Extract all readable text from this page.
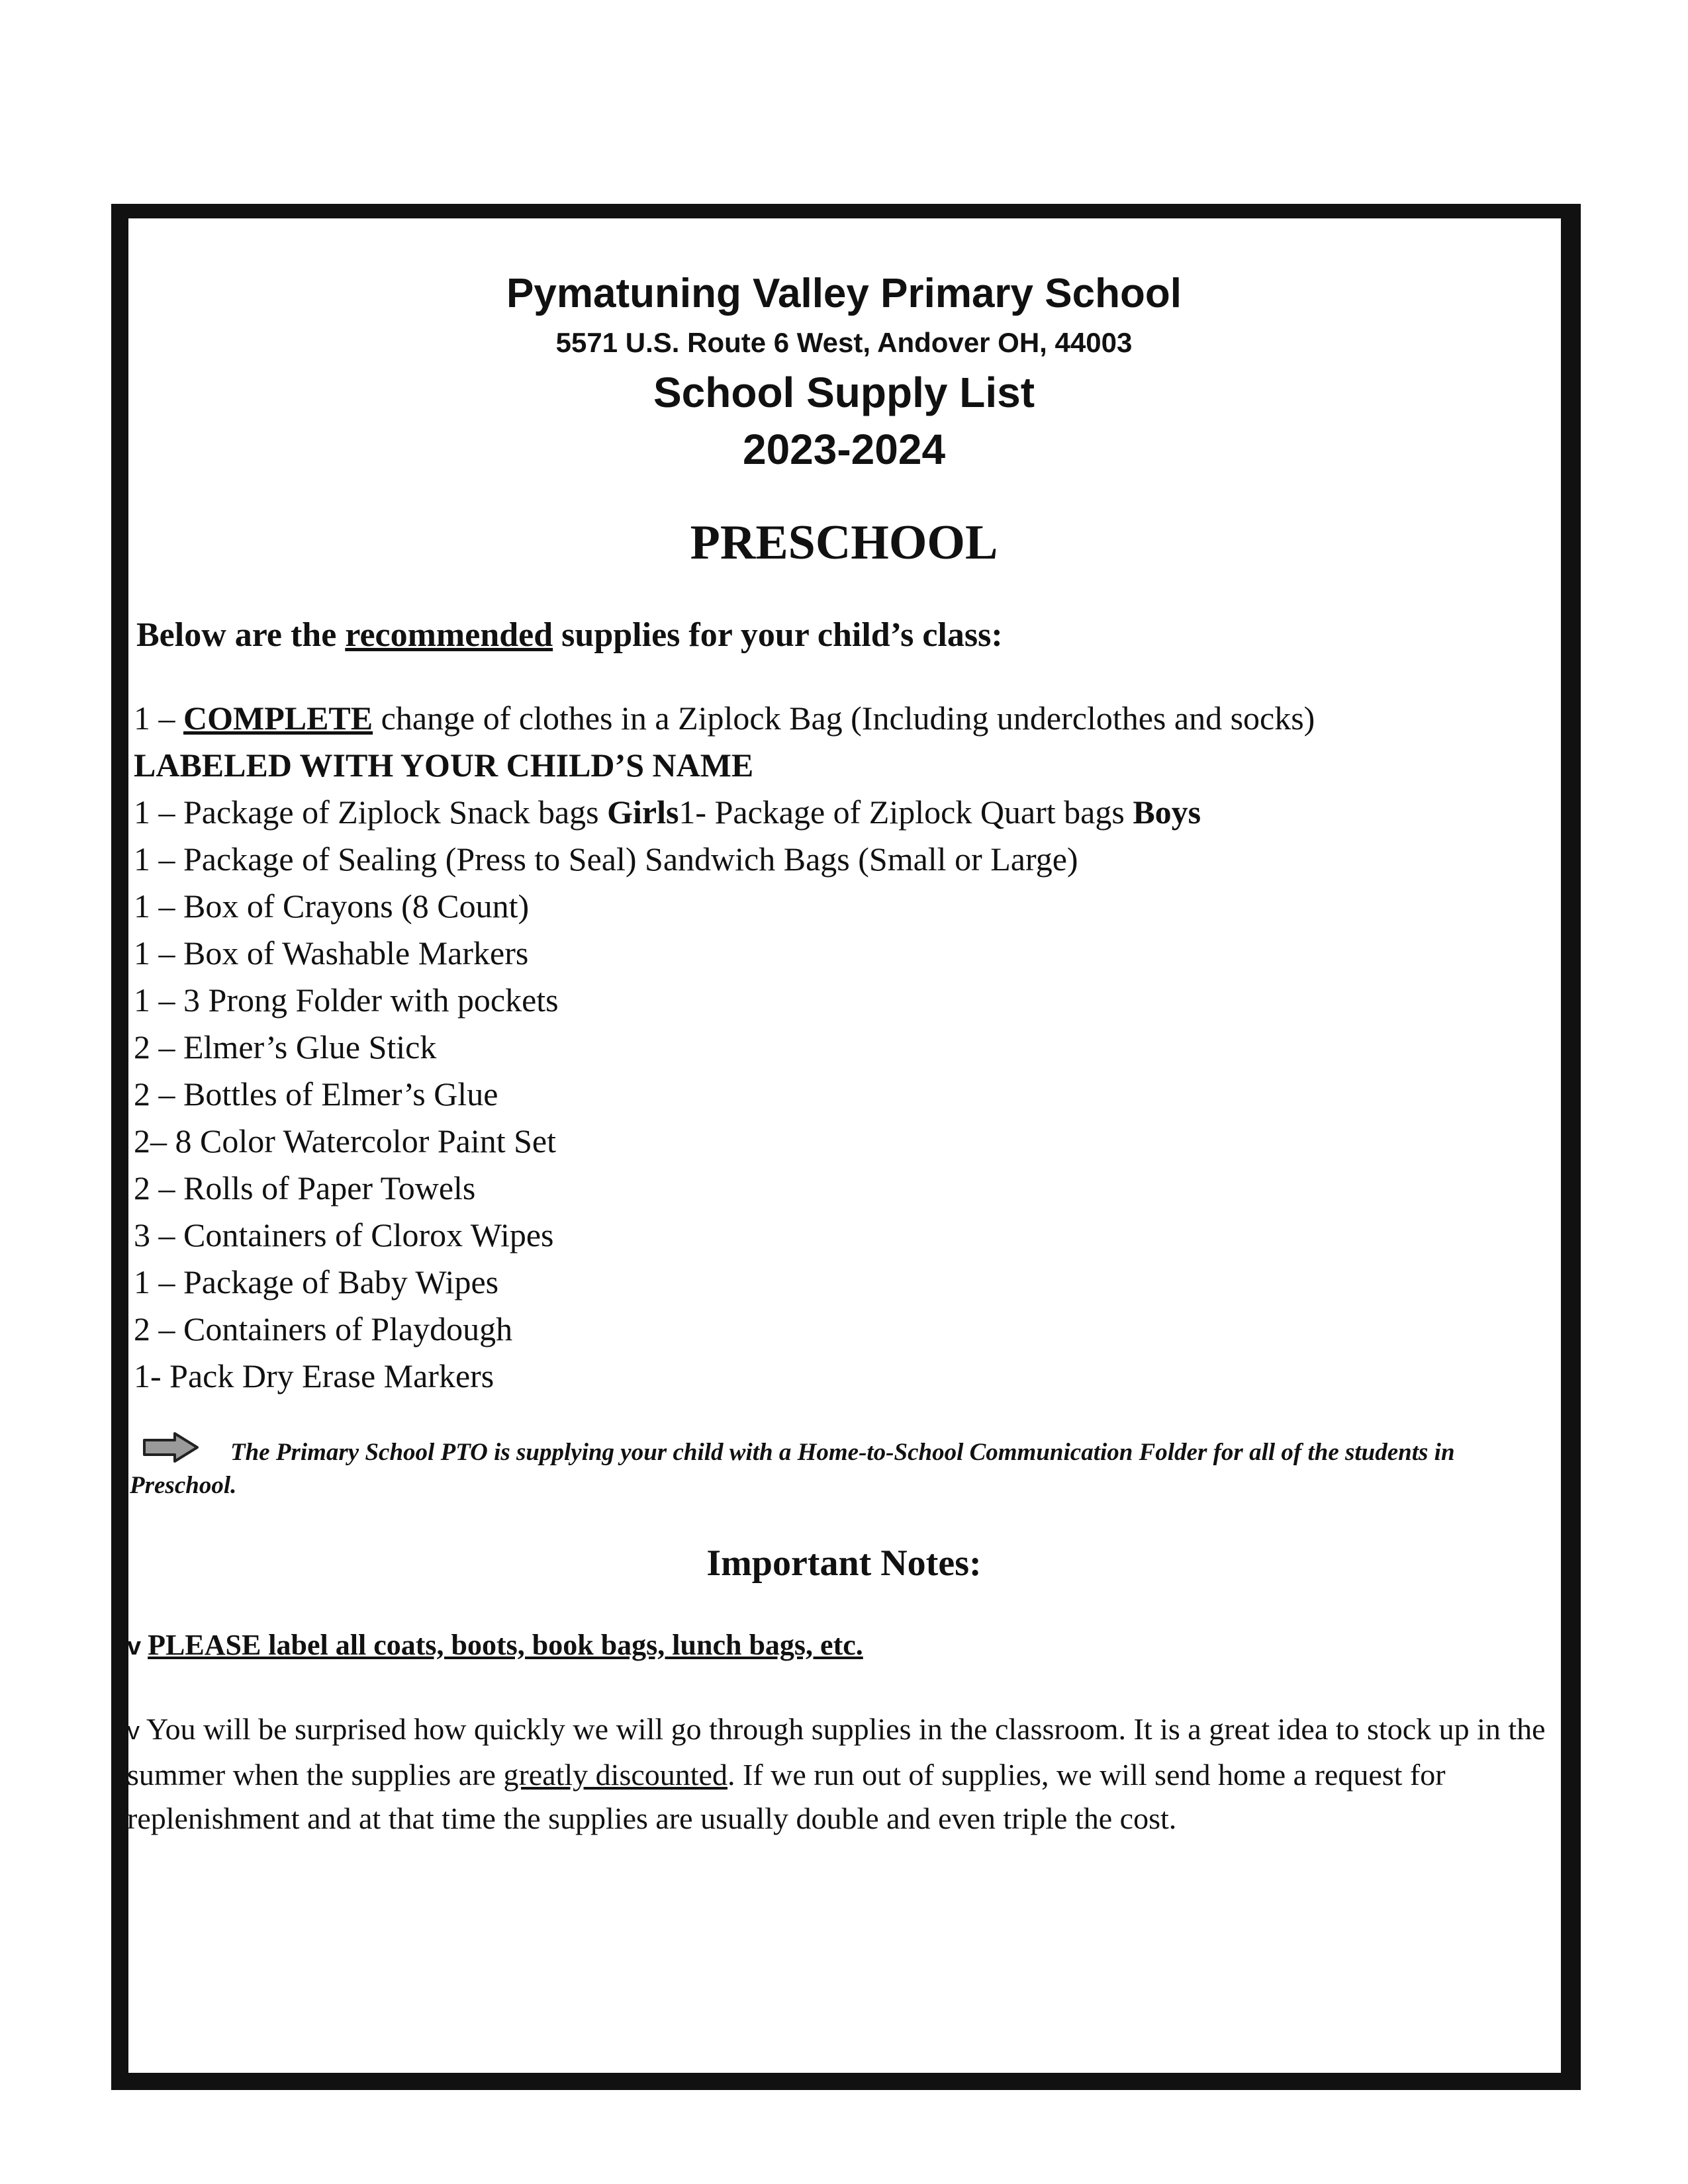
Pymatuning Valley Primary School
5571 U.S. Route 6 West, Andover OH, 44003
School Supply List
2023-2024
PRESCHOOL
Below are the recommended supplies for your child’s class:
1 – COMPLETE change of clothes in a Ziplock Bag (Including underclothes and socks)
LABELED WITH YOUR CHILD’S NAME
1 – Package of Ziplock Snack bags Girls1- Package of Ziplock Quart bags Boys
1 – Package of Sealing (Press to Seal) Sandwich Bags (Small or Large)
1 – Box of Crayons (8 Count)
1 – Box of Washable Markers
1 – 3 Prong Folder with pockets
2 – Elmer’s Glue Stick
2 – Bottles of Elmer’s Glue
2– 8 Color Watercolor Paint Set
2 – Rolls of Paper Towels
3 – Containers of Clorox Wipes
1 – Package of Baby Wipes
2 – Containers of Playdough
1- Pack Dry Erase Markers
The Primary School PTO is supplying your child with a Home-to-School Communication Folder for all of the students in Preschool.
Important Notes:
v PLEASE label all coats, boots, book bags, lunch bags, etc.
v You will be surprised how quickly we will go through supplies in the classroom. It is a great idea to stock up in the summer when the supplies are greatly discounted. If we run out of supplies, we will send home a request for replenishment and at that time the supplies are usually double and even triple the cost.
